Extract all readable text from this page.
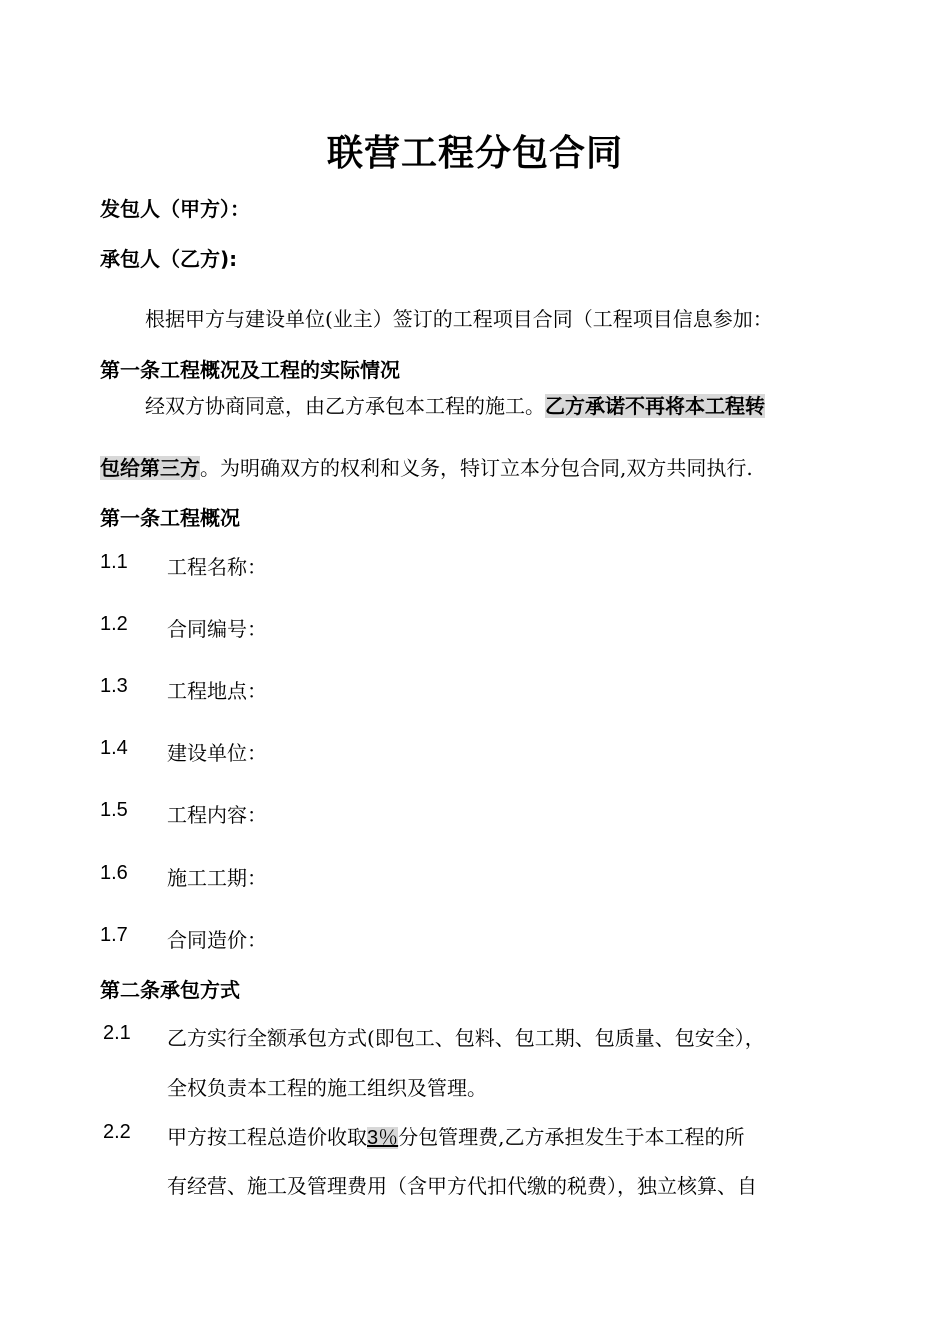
联营工程分包合同
发包人（甲方）：
承包人（乙方):
根据甲方与建设单位(业主）签订的工程项目合同（工程项目信息参加：
第一条工程概况及工程的实际情况
经双方协商同意，由乙方承包本工程的施工。乙方承诺不再将本工程转
包给第三方。为明确双方的权利和义务，特订立本分包合同,双方共同执行.
第一条工程概况
1.1 工程名称：
1.2 合同编号：
1.3 工程地点：
1.4 建设单位：
1.5 工程内容：
1.6 施工工期：
1.7 合同造价：
第二条承包方式
2.1 乙方实行全额承包方式(即包工、包料、包工期、包质量、包安全），
全权负责本工程的施工组织及管理。
2.2 甲方按工程总造价收取3％分包管理费,乙方承担发生于本工程的所
有经营、施工及管理费用（含甲方代扣代缴的税费），独立核算、自
